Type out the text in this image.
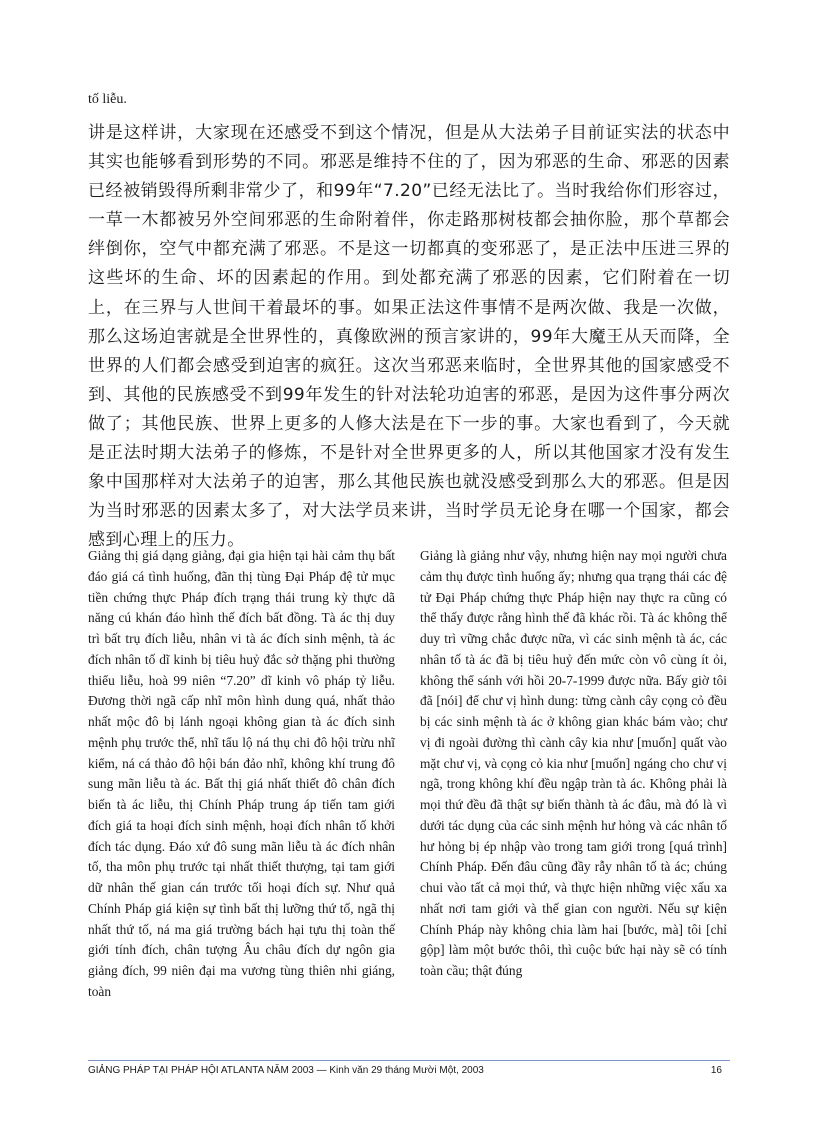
tố liễu.

讲是这样讲，大家现在还感受不到这个情况，但是从大法弟子目前证实法的状态中其实也能够看到形势的不同。邪恶是维持不住的了，因为邪恶的生命、邪恶的因素已经被销毁得所剩非常少了，和99年“7.20”已经无法比了。当时我给你们形容过，一草一木都被另外空间邪恶的生命附着伴，你走路那树枝都会抽你脸，那个草都会绊倒你，空气中都充满了邪恶。不是这一切都真的变邪恶了，是正法中压进三界的这些坏的生命、坏的因素起的作用。到处都充满了邪恶的因素，它们附着在一切上，在三界与人世间干着最坏的事。如果正法这件事情不是两次做、我是一次做，那么这场迫害就是全世界性的，真像欧洲的预言家讲的，99年大魔王从天而降，全世界的人们都会感受到迫害的疯狂。这次当邪恶来临时，全世界其他的国家感受不到、其他的民族感受不到99年发生的针对法轮功迫害的邪恶，是因为这件事分两次做了；其他民族、世界上更多的人修大法是在下一步的事。大家也看到了，今天就是正法时期大法弟子的修炼，不是针对全世界更多的人，所以其他国家才没有发生象中国那样对大法弟子的迫害，那么其他民族也就没感受到那么大的邪恶。但是因为当时邪恶的因素太多了，对大法学员来讲，当时学员无论身在哪一个国家，都会感到心理上的压力。

Giảng thị giá dạng giảng, đại gia hiện tại hài cảm thụ bất đáo giá cá tình huống, đãn thị tùng Đại Pháp đệ tử mục tiền chứng thực Pháp đích trạng thái trung kỳ thực dã năng cú khán đáo hình thế đích bất đồng. Tà ác thị duy trì bất trụ đích liễu, nhân vi tà ác đích sinh mệnh, tà ác đích nhân tố dĩ kinh bị tiêu huỷ đắc sở thặng phi thường thiểu liễu, hoà 99 niên “7.20” dĩ kinh vô pháp tỷ liễu. Đương thời ngã cấp nhĩ môn hình dung quá, nhất thảo nhất mộc đô bị lánh ngoại không gian tà ác đích sinh mệnh phụ trước thể, nhĩ tẩu lộ ná thụ chi đô hội trừu nhĩ kiểm, ná cá thảo đô hội bán đảo nhĩ, không khí trung đô sung mãn liễu tà ác. Bất thị giá nhất thiết đô chân đích biến tà ác liễu, thị Chính Pháp trung áp tiến tam giới đích giá ta hoại đích sinh mệnh, hoại đích nhân tố khởi đích tác dụng. Đáo xứ đô sung mãn liễu tà ác đích nhân tố, tha môn phụ trước tại nhất thiết thượng, tại tam giới dữ nhân thế gian cán trước tối hoại đích sự. Như quả Chính Pháp giá kiện sự tình bất thị lưỡng thứ tố, ngã thị nhất thứ tố, ná ma giá trường bách hại tựu thị toàn thế giới tính đích, chân tượng Âu châu đích dự ngôn gia giảng đích, 99 niên đại ma vương tùng thiên nhi giáng, toàn

Giảng là giảng như vậy, nhưng hiện nay mọi người chưa cảm thụ được tình huống ấy; nhưng qua trạng thái các đệ tử Đại Pháp chứng thực Pháp hiện nay thực ra cũng có thể thấy được rằng hình thế đã khác rồi. Tà ác không thể duy trì vững chắc được nữa, vì các sinh mệnh tà ác, các nhân tố tà ác đã bị tiêu huỷ đến mức còn vô cùng ít ỏi, không thể sánh với hồi 20-7-1999 được nữa. Bấy giờ tôi đã [nói] để chư vị hình dung: từng cành cây cọng cỏ đều bị các sinh mệnh tà ác ở không gian khác bám vào; chư vị đi ngoài đường thì cành cây kia như [muốn] quất vào mặt chư vị, và cọng cỏ kia như [muốn] ngáng cho chư vị ngã, trong không khí đều ngập tràn tà ác. Không phải là mọi thứ đều đã thật sự biến thành tà ác đâu, mà đó là vì dưới tác dụng của các sinh mệnh hư hỏng và các nhân tố hư hỏng bị ép nhập vào trong tam giới trong [quá trình] Chính Pháp. Đến đâu cũng đầy rẫy nhân tố tà ác; chúng chui vào tất cả mọi thứ, và thực hiện những việc xấu xa nhất nơi tam giới và thế gian con người. Nếu sự kiện Chính Pháp này không chia làm hai [bước, mà] tôi [chỉ gộp] làm một bước thôi, thì cuộc bức hại này sẽ có tính toàn cầu; thật đúng

GIẢNG PHÁP TẠI PHÁP HỘI ATLANTA NĂM 2003 — Kinh văn 29 tháng Mười Một, 2003	16
